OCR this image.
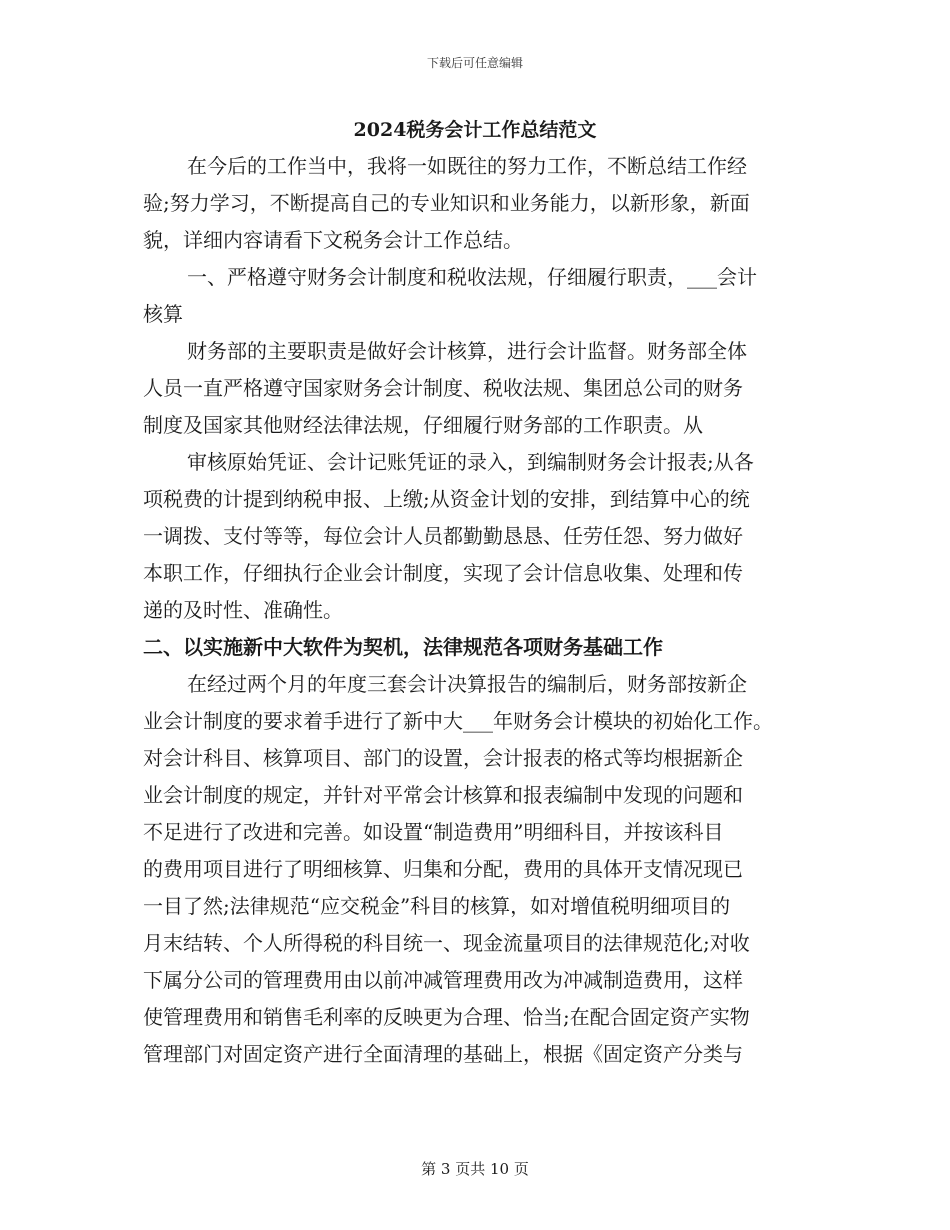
下载后可任意编辑
2024税务会计工作总结范文
在今后的工作当中，我将一如既往的努力工作，不断总结工作经
验;努力学习，不断提高自己的专业知识和业务能力，以新形象，新面
貌，详细内容请看下文税务会计工作总结。
一、严格遵守财务会计制度和税收法规，仔细履行职责，___会计
核算
财务部的主要职责是做好会计核算，进行会计监督。财务部全体
人员一直严格遵守国家财务会计制度、税收法规、集团总公司的财务
制度及国家其他财经法律法规，仔细履行财务部的工作职责。从
审核原始凭证、会计记账凭证的录入，到编制财务会计报表;从各
项税费的计提到纳税申报、上缴;从资金计划的安排，到结算中心的统
一调拨、支付等等，每位会计人员都勤勤恳恳、任劳任怨、努力做好
本职工作，仔细执行企业会计制度，实现了会计信息收集、处理和传
递的及时性、准确性。
二、以实施新中大软件为契机，法律规范各项财务基础工作
在经过两个月的年度三套会计决算报告的编制后，财务部按新企
业会计制度的要求着手进行了新中大___年财务会计模块的初始化工作。
对会计科目、核算项目、部门的设置，会计报表的格式等均根据新企
业会计制度的规定，并针对平常会计核算和报表编制中发现的问题和
不足进行了改进和完善。如设置“制造费用”明细科目，并按该科目
的费用项目进行了明细核算、归集和分配，费用的具体开支情况现已
一目了然;法律规范“应交税金”科目的核算，如对增值税明细项目的
月末结转、个人所得税的科目统一、现金流量项目的法律规范化;对收
下属分公司的管理费用由以前冲减管理费用改为冲减制造费用，这样
使管理费用和销售毛利率的反映更为合理、恰当;在配合固定资产实物
管理部门对固定资产进行全面清理的基础上，根据《固定资产分类与
第 3 页共 10 页
